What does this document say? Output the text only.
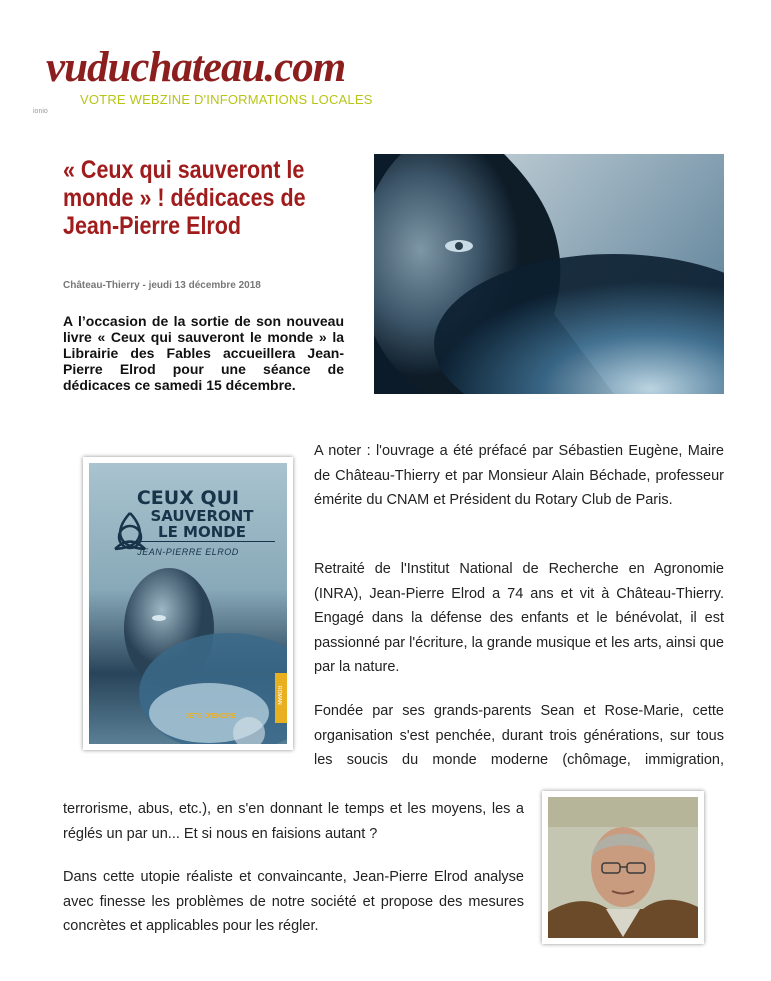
vuduchateau.com
VOTRE WEBZINE D'INFORMATIONS LOCALES
ionio
« Ceux qui sauveront le monde » ! dédicaces de Jean-Pierre Elrod
Château-Thierry - jeudi 13 décembre 2018
A l’occasion de la sortie de son nouveau livre « Ceux qui sauveront le monde » la Librairie des Fables accueillera Jean-Pierre Elrod pour une séance de dédicaces ce samedi 15 décembre.
CEUX QUI
SAUVERONT
LE MONDE
JEAN-PIERRE ELROD
JETS D'ENCRE
ROMAN

A noter : l'ouvrage a été préfacé par Sébastien Eugène, Maire de Château-Thierry et par Monsieur Alain Béchade, professeur émérite du CNAM et Président du Rotary Club de Paris.

Retraité de l'Institut National de Recherche en Agronomie (INRA), Jean-Pierre Elrod a 74 ans et vit à Château-Thierry. Engagé dans la défense des enfants et le bénévolat, il est passionné par l'écriture, la grande musique et les arts, ainsi que par la nature.

Fondée par ses grands-parents Sean et Rose-Marie, cette organisation s'est penchée, durant trois générations, sur tous les soucis du monde moderne (chômage, immigration,

terrorisme, abus, etc.), en s'en donnant le temps et les moyens, les a réglés un par un... Et si nous en faisions autant ?

Dans cette utopie réaliste et convaincante, Jean-Pierre Elrod analyse avec finesse les problèmes de notre société et propose des mesures concrètes et applicables pour les régler.
